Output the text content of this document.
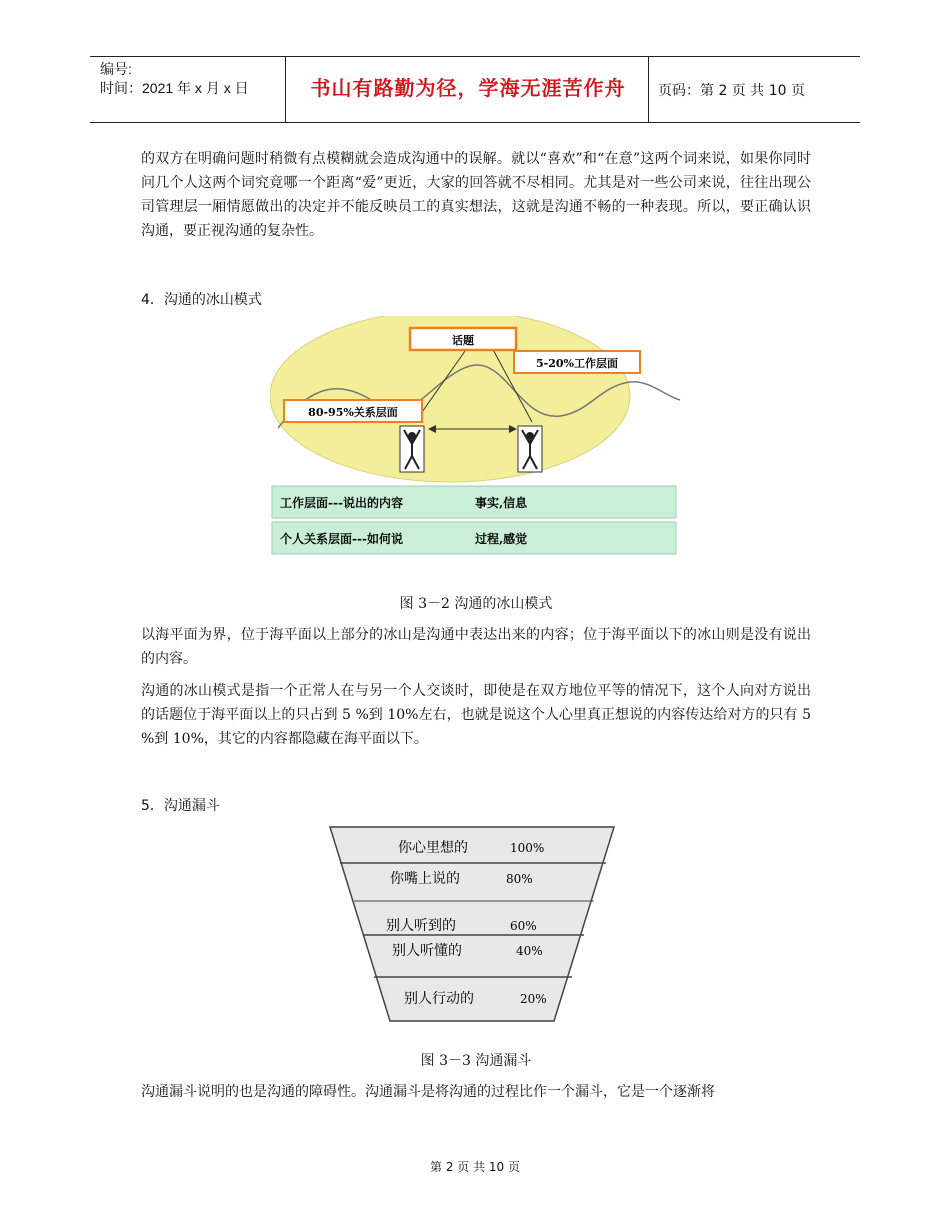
编号:
时间：2021 年 x 月 x 日	书山有路勤为径，学海无涯苦作舟	页码：第 2 页 共 10 页
的双方在明确问题时稍微有点模糊就会造成沟通中的误解。就以“喜欢”和“在意”这两个词来说，如果你同时问几个人这两个词究竟哪一个距离“爱”更近，大家的回答就不尽相同。尤其是对一些公司来说，往往出现公司管理层一厢情愿做出的决定并不能反映员工的真实想法，这就是沟通不畅的一种表现。所以，要正确认识沟通，要正视沟通的复杂性。
4．沟通的冰山模式
话题
5-20%工作层面
80-95%关系层面
工作层面---说出的内容	事实,信息
个人关系层面---如何说	过程,感觉
图 3－2 沟通的冰山模式
以海平面为界，位于海平面以上部分的冰山是沟通中表达出来的内容；位于海平面以下的冰山则是没有说出的内容。
沟通的冰山模式是指一个正常人在与另一个人交谈时，即使是在双方地位平等的情况下，这个人向对方说出的话题位于海平面以上的只占到 5 %到 10%左右，也就是说这个人心里真正想说的内容传达给对方的只有 5 %到 10%，其它的内容都隐藏在海平面以下。
5．沟通漏斗
你心里想的	100%
你嘴上说的	80%
别人听到的	60%
别人听懂的	40%
别人行动的	20%
图 3－3 沟通漏斗
沟通漏斗说明的也是沟通的障碍性。沟通漏斗是将沟通的过程比作一个漏斗，它是一个逐渐将
第 2 页 共 10 页
